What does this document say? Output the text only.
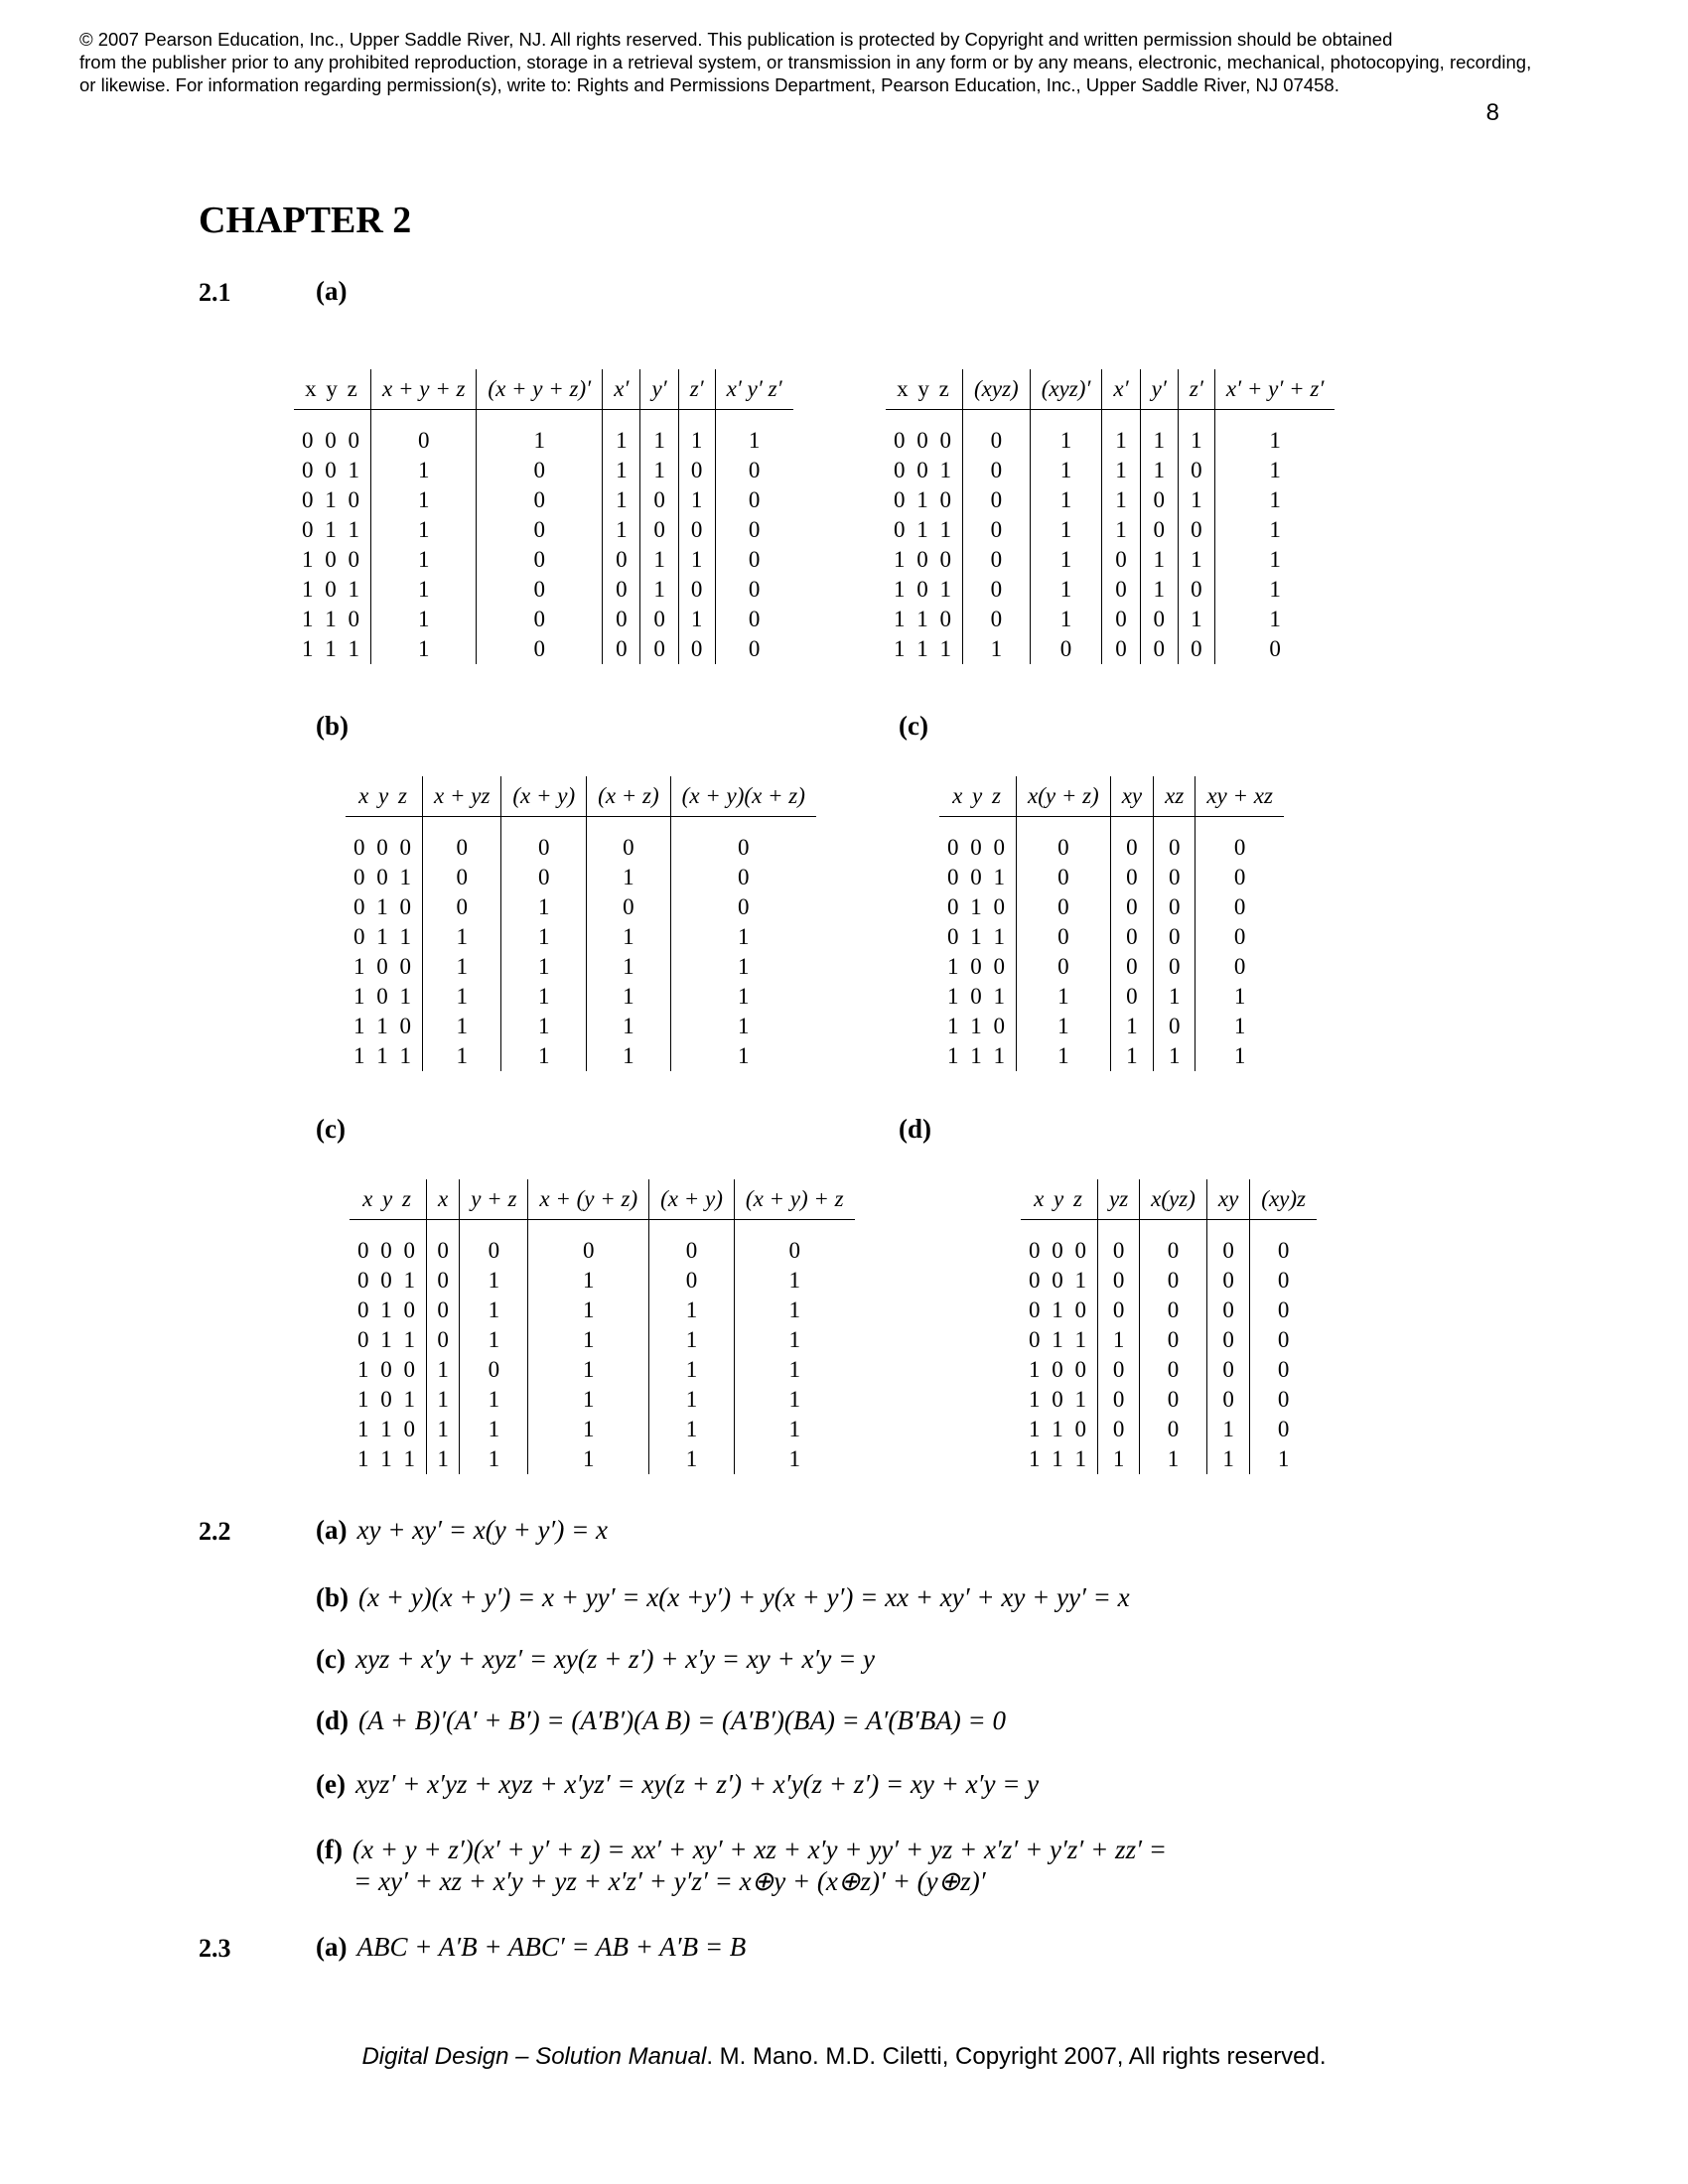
© 2007 Pearson Education, Inc., Upper Saddle River, NJ. All rights reserved. This publication is protected by Copyright and written permission should be obtained
from the publisher prior to any prohibited reproduction, storage in a retrieval system, or transmission in any form or by any means, electronic, mechanical, photocopying, recording,
or likewise. For information regarding permission(s), write to: Rights and Permissions Department, Pearson Education, Inc., Upper Saddle River, NJ 07458.
8
CHAPTER 2
2.1	(a)
x y z	x + y + z	(x + y + z)′	x′	y′	z′	x′ y′ z′

0 0 0	0	1	1	1	1	1
0 0 1	1	0	1	1	0	0
0 1 0	1	0	1	0	1	0
0 1 1	1	0	1	0	0	0
1 0 0	1	0	0	1	1	0
1 0 1	1	0	0	1	0	0
1 1 0	1	0	0	0	1	0
1 1 1	1	0	0	0	0	0
x y z	(xyz)	(xyz)′	x′	y′	z′	x′ + y′ + z′

0 0 0	0	1	1	1	1	1
0 0 1	0	1	1	1	0	1
0 1 0	0	1	1	0	1	1
0 1 1	0	1	1	0	0	1
1 0 0	0	1	0	1	1	1
1 0 1	0	1	0	1	0	1
1 1 0	0	1	0	0	1	1
1 1 1	1	0	0	0	0	0
(b)	(c)
x y z	x + yz	(x + y)	(x + z)	(x + y)(x + z)

0 0 0	0	0	0	0
0 0 1	0	0	1	0
0 1 0	0	1	0	0
0 1 1	1	1	1	1
1 0 0	1	1	1	1
1 0 1	1	1	1	1
1 1 0	1	1	1	1
1 1 1	1	1	1	1
x y z	x(y + z)	xy	xz	xy + xz

0 0 0	0	0	0	0
0 0 1	0	0	0	0
0 1 0	0	0	0	0
0 1 1	0	0	0	0
1 0 0	0	0	0	0
1 0 1	1	0	1	1
1 1 0	1	1	0	1
1 1 1	1	1	1	1
(c)	(d)
x y z	x	y + z	x + (y + z)	(x + y)	(x + y) + z

0 0 0	0	0	0	0	0
0 0 1	0	1	1	0	1
0 1 0	0	1	1	1	1
0 1 1	0	1	1	1	1
1 0 0	1	0	1	1	1
1 0 1	1	1	1	1	1
1 1 0	1	1	1	1	1
1 1 1	1	1	1	1	1
x y z	yz	x(yz)	xy	(xy)z

0 0 0	0	0	0	0
0 0 1	0	0	0	0
0 1 0	0	0	0	0
0 1 1	1	0	0	0
1 0 0	0	0	0	0
1 0 1	0	0	0	0
1 1 0	0	0	1	0
1 1 1	1	1	1	1
2.2	(a) xy + xy′ = x(y + y′) = x
(b) (x + y)(x + y′) = x + yy′ = x(x +y′) + y(x + y′) = xx + xy′ + xy + yy′ = x
(c) xyz + x′y + xyz′ = xy(z + z′) + x′y = xy + x′y = y
(d) (A + B)′(A′ + B′) = (A′B′)(A B) = (A′B′)(BA) = A′(B′BA) = 0
(e) xyz′ + x′yz + xyz + x′yz′ = xy(z + z′) + x′y(z + z′) = xy + x′y = y
(f) (x + y + z′)(x′ + y′ + z) = xx′ + xy′ + xz + x′y + yy′ + yz + x′z′ + y′z′ + zz′ =
= xy′ + xz + x′y + yz + x′z′ + y′z′ = x⊕y + (x⊕z)′ + (y⊕z)′
2.3	(a) ABC + A′B + ABC′ = AB + A′B = B
Digital Design – Solution Manual. M. Mano. M.D. Ciletti, Copyright 2007, All rights reserved.
